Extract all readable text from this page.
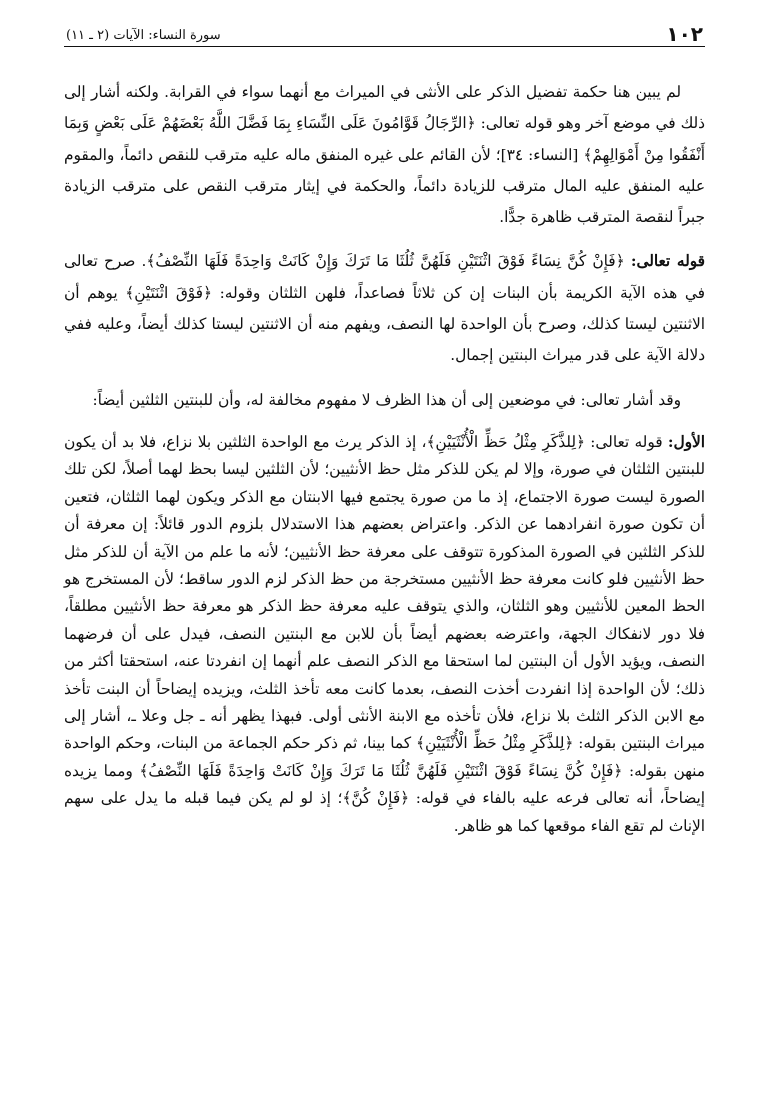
١٠٢
سورة النساء: الآيات (٢ ـ ١١)

لم يبين هنا حكمة تفضيل الذكر على الأنثى في الميراث مع أنهما سواء في القرابة. ولكنه أشار إلى ذلك في موضع آخر وهو قوله تعالى: ﴿الرِّجَالُ قَوَّامُونَ عَلَى النِّسَاءِ بِمَا فَضَّلَ اللَّهُ بَعْضَهُمْ عَلَى بَعْضٍ وَبِمَا أَنْفَقُوا مِنْ أَمْوَالِهِمْ﴾ [النساء: ٣٤]؛ لأن القائم على غيره المنفق ماله عليه مترقب للنقص دائماً، والمقوم عليه المنفق عليه المال مترقب للزيادة دائماً، والحكمة في إيثار مترقب النقص على مترقب الزيادة جبراً لنقصة المترقب ظاهرة جدًّا.

قوله تعالى: ﴿فَإِنْ كُنَّ نِسَاءً فَوْقَ اثْنَتَيْنِ فَلَهُنَّ ثُلُثَا مَا تَرَكَ وَإِنْ كَانَتْ وَاحِدَةً فَلَهَا النِّصْفُ﴾. صرح تعالى في هذه الآية الكريمة بأن البنات إن كن ثلاثاً فصاعداً، فلهن الثلثان وقوله: ﴿فَوْقَ اثْنَتَيْنِ﴾ يوهم أن الاثنتين ليستا كذلك، وصرح بأن الواحدة لها النصف، ويفهم منه أن الاثنتين ليستا كذلك أيضاً، وعليه ففي دلالة الآية على قدر ميراث البنتين إجمال.

وقد أشار تعالى: في موضعين إلى أن هذا الظرف لا مفهوم مخالفة له، وأن للبنتين الثلثين أيضاً:

الأول: قوله تعالى: ﴿لِلذَّكَرِ مِثْلُ حَظِّ الْأُنْثَيَيْنِ﴾، إذ الذكر يرث مع الواحدة الثلثين بلا نزاع، فلا بد أن يكون للبنتين الثلثان في صورة، وإلا لم يكن للذكر مثل حظ الأنثيين؛ لأن الثلثين ليسا بحظ لهما أصلاً، لكن تلك الصورة ليست صورة الاجتماع، إذ ما من صورة يجتمع فيها الابنتان مع الذكر ويكون لهما الثلثان، فتعين أن تكون صورة انفرادهما عن الذكر. واعتراض بعضهم هذا الاستدلال بلزوم الدور قائلاً: إن معرفة أن للذكر الثلثين في الصورة المذكورة تتوقف على معرفة حظ الأنثيين؛ لأنه ما علم من الآية أن للذكر مثل حظ الأنثيين فلو كانت معرفة حظ الأنثيين مستخرجة من حظ الذكر لزم الدور ساقط؛ لأن المستخرج هو الحظ المعين للأنثيين وهو الثلثان، والذي يتوقف عليه معرفة حظ الذكر هو معرفة حظ الأنثيين مطلقاً، فلا دور لانفكاك الجهة، واعترضه بعضهم أيضاً بأن للابن مع البنتين النصف، فيدل على أن فرضهما النصف، ويؤيد الأول أن البنتين لما استحقا مع الذكر النصف علم أنهما إن انفردتا عنه، استحقتا أكثر من ذلك؛ لأن الواحدة إذا انفردت أخذت النصف، بعدما كانت معه تأخذ الثلث، ويزيده إيضاحاً أن البنت تأخذ مع الابن الذكر الثلث بلا نزاع، فلأن تأخذه مع الابنة الأنثى أولى. فبهذا يظهر أنه ـ جل وعلا ـ، أشار إلى ميراث البنتين بقوله: ﴿لِلذَّكَرِ مِثْلُ حَظِّ الْأُنْثَيَيْنِ﴾ كما بينا، ثم ذكر حكم الجماعة من البنات، وحكم الواحدة منهن بقوله: ﴿فَإِنْ كُنَّ نِسَاءً فَوْقَ اثْنَتَيْنِ فَلَهُنَّ ثُلُثَا مَا تَرَكَ وَإِنْ كَانَتْ وَاحِدَةً فَلَهَا النِّصْفُ﴾ ومما يزيده إيضاحاً، أنه تعالى فرعه عليه بالفاء في قوله: ﴿فَإِنْ كُنَّ﴾؛ إذ لو لم يكن فيما قبله ما يدل على سهم الإناث لم تقع الفاء موقعها كما هو ظاهر.
